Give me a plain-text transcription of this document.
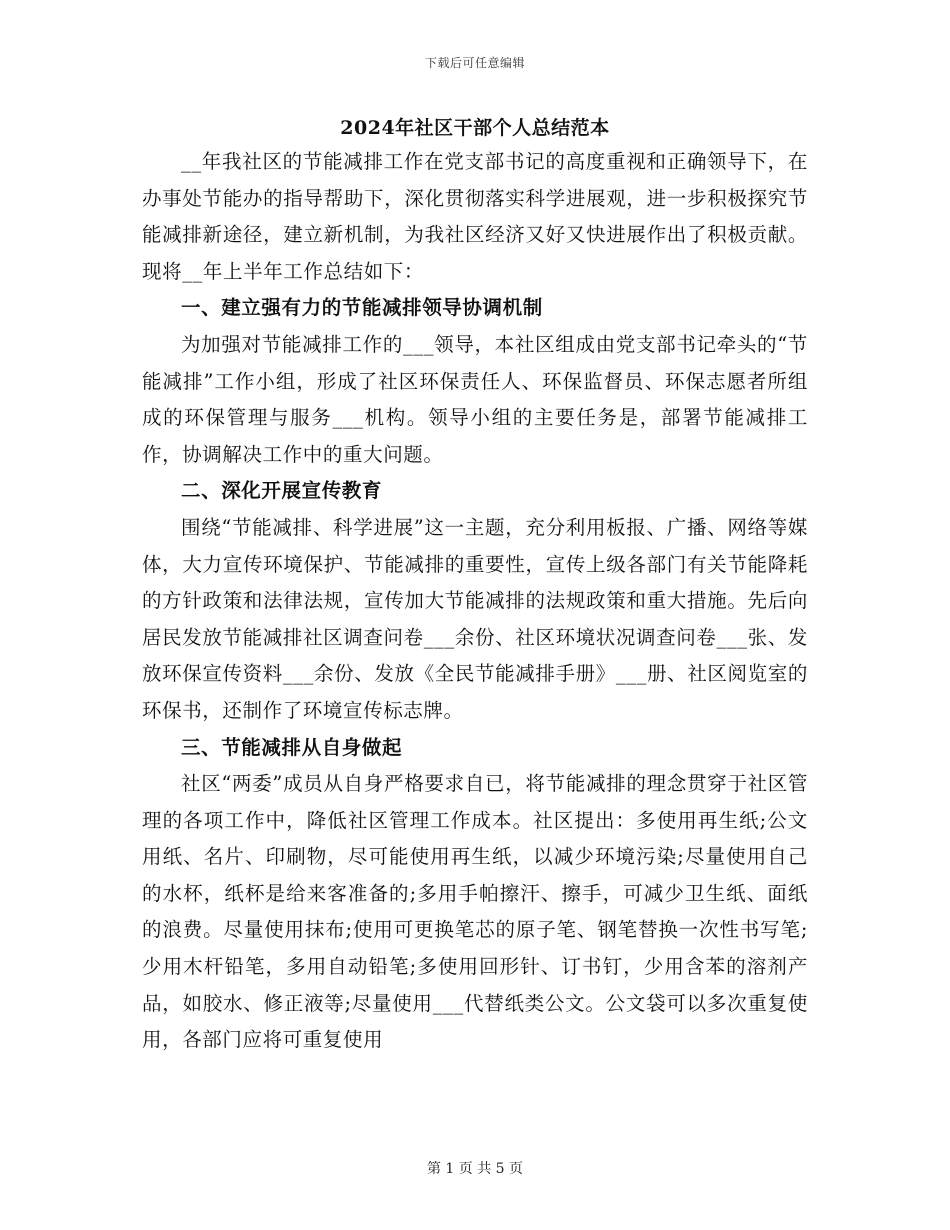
下载后可任意编辑
2024年社区干部个人总结范本

__年我社区的节能减排工作在党支部书记的高度重视和正确领导下，在办事处节能办的指导帮助下，深化贯彻落实科学进展观，进一步积极探究节能减排新途径，建立新机制，为我社区经济又好又快进展作出了积极贡献。现将__年上半年工作总结如下：

一、建立强有力的节能减排领导协调机制

为加强对节能减排工作的___领导，本社区组成由党支部书记牵头的“节能减排”工作小组，形成了社区环保责任人、环保监督员、环保志愿者所组成的环保管理与服务___机构。领导小组的主要任务是，部署节能减排工作，协调解决工作中的重大问题。

二、深化开展宣传教育

围绕“节能减排、科学进展”这一主题，充分利用板报、广播、网络等媒体，大力宣传环境保护、节能减排的重要性，宣传上级各部门有关节能降耗的方针政策和法律法规，宣传加大节能减排的法规政策和重大措施。先后向居民发放节能减排社区调查问卷___余份、社区环境状况调查问卷___张、发放环保宣传资料___余份、发放《全民节能减排手册》___册、社区阅览室的环保书，还制作了环境宣传标志牌。

三、节能减排从自身做起

社区“两委”成员从自身严格要求自已，将节能减排的理念贯穿于社区管理的各项工作中，降低社区管理工作成本。社区提出：多使用再生纸;公文用纸、名片、印刷物，尽可能使用再生纸，以减少环境污染;尽量使用自己的水杯，纸杯是给来客准备的;多用手帕擦汗、擦手，可减少卫生纸、面纸的浪费。尽量使用抹布;使用可更换笔芯的原子笔、钢笔替换一次性书写笔;少用木杆铅笔，多用自动铅笔;多使用回形针、订书钉，少用含苯的溶剂产品，如胶水、修正液等;尽量使用___代替纸类公文。公文袋可以多次重复使用，各部门应将可重复使用

第 1 页 共 5 页
